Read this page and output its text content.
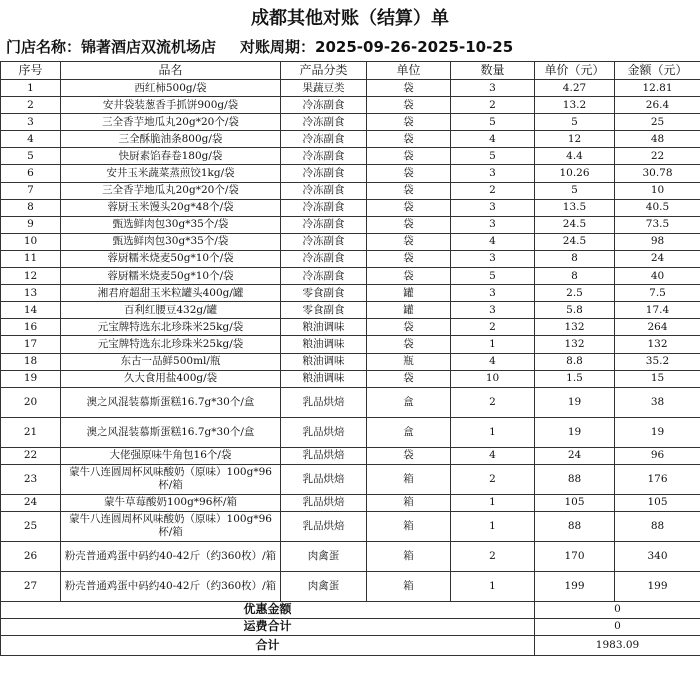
成都其他对账（结算）单
门店名称：锦著酒店双流机场店 对账周期：2025-09-26-2025-10-25
序号	品名	产品分类	单位	数量	单价（元）	金额（元）
1	西红柿500g/袋	果蔬豆类	袋	3	4.27	12.81
2	安井袋装葱香手抓饼900g/袋	冷冻副食	袋	2	13.2	26.4
3	三全香芋地瓜丸20g*20个/袋	冷冻副食	袋	5	5	25
4	三全酥脆油条800g/袋	冷冻副食	袋	4	12	48
5	快厨素馅春卷180g/袋	冷冻副食	袋	5	4.4	22
6	安井玉米蔬菜蒸煎饺1kg/袋	冷冻副食	袋	3	10.26	30.78
7	三全香芋地瓜丸20g*20个/袋	冷冻副食	袋	2	5	10
8	蓉厨玉米馒头20g*48个/袋	冷冻副食	袋	3	13.5	40.5
9	甄选鲜肉包30g*35个/袋	冷冻副食	袋	3	24.5	73.5
10	甄选鲜肉包30g*35个/袋	冷冻副食	袋	4	24.5	98
11	蓉厨糯米烧麦50g*10个/袋	冷冻副食	袋	3	8	24
12	蓉厨糯米烧麦50g*10个/袋	冷冻副食	袋	5	8	40
13	湘君府超甜玉米粒罐头400g/罐	零食副食	罐	3	2.5	7.5
14	百利红腰豆432g/罐	零食副食	罐	3	5.8	17.4
16	元宝牌特选东北珍珠米25kg/袋	粮油调味	袋	2	132	264
17	元宝牌特选东北珍珠米25kg/袋	粮油调味	袋	1	132	132
18	东古一品鲜500ml/瓶	粮油调味	瓶	4	8.8	35.2
19	久大食用盐400g/袋	粮油调味	袋	10	1.5	15
20	澳之风混装慕斯蛋糕16.7g*30个/盒	乳品烘焙	盒	2	19	38
21	澳之风混装慕斯蛋糕16.7g*30个/盒	乳品烘焙	盒	1	19	19
22	大佬强原味牛角包16个/袋	乳品烘焙	袋	4	24	96
23	蒙牛八连圆周杯风味酸奶（原味）100g*96杯/箱	乳品烘焙	箱	2	88	176
24	蒙牛草莓酸奶100g*96杯/箱	乳品烘焙	箱	1	105	105
25	蒙牛八连圆周杯风味酸奶（原味）100g*96杯/箱	乳品烘焙	箱	1	88	88
26	粉壳普通鸡蛋中码约40-42斤（约360枚）/箱	肉禽蛋	箱	2	170	340
27	粉壳普通鸡蛋中码约40-42斤（约360枚）/箱	肉禽蛋	箱	1	199	199
优惠金额					0	
运费合计					0	
合计					1983.09	
